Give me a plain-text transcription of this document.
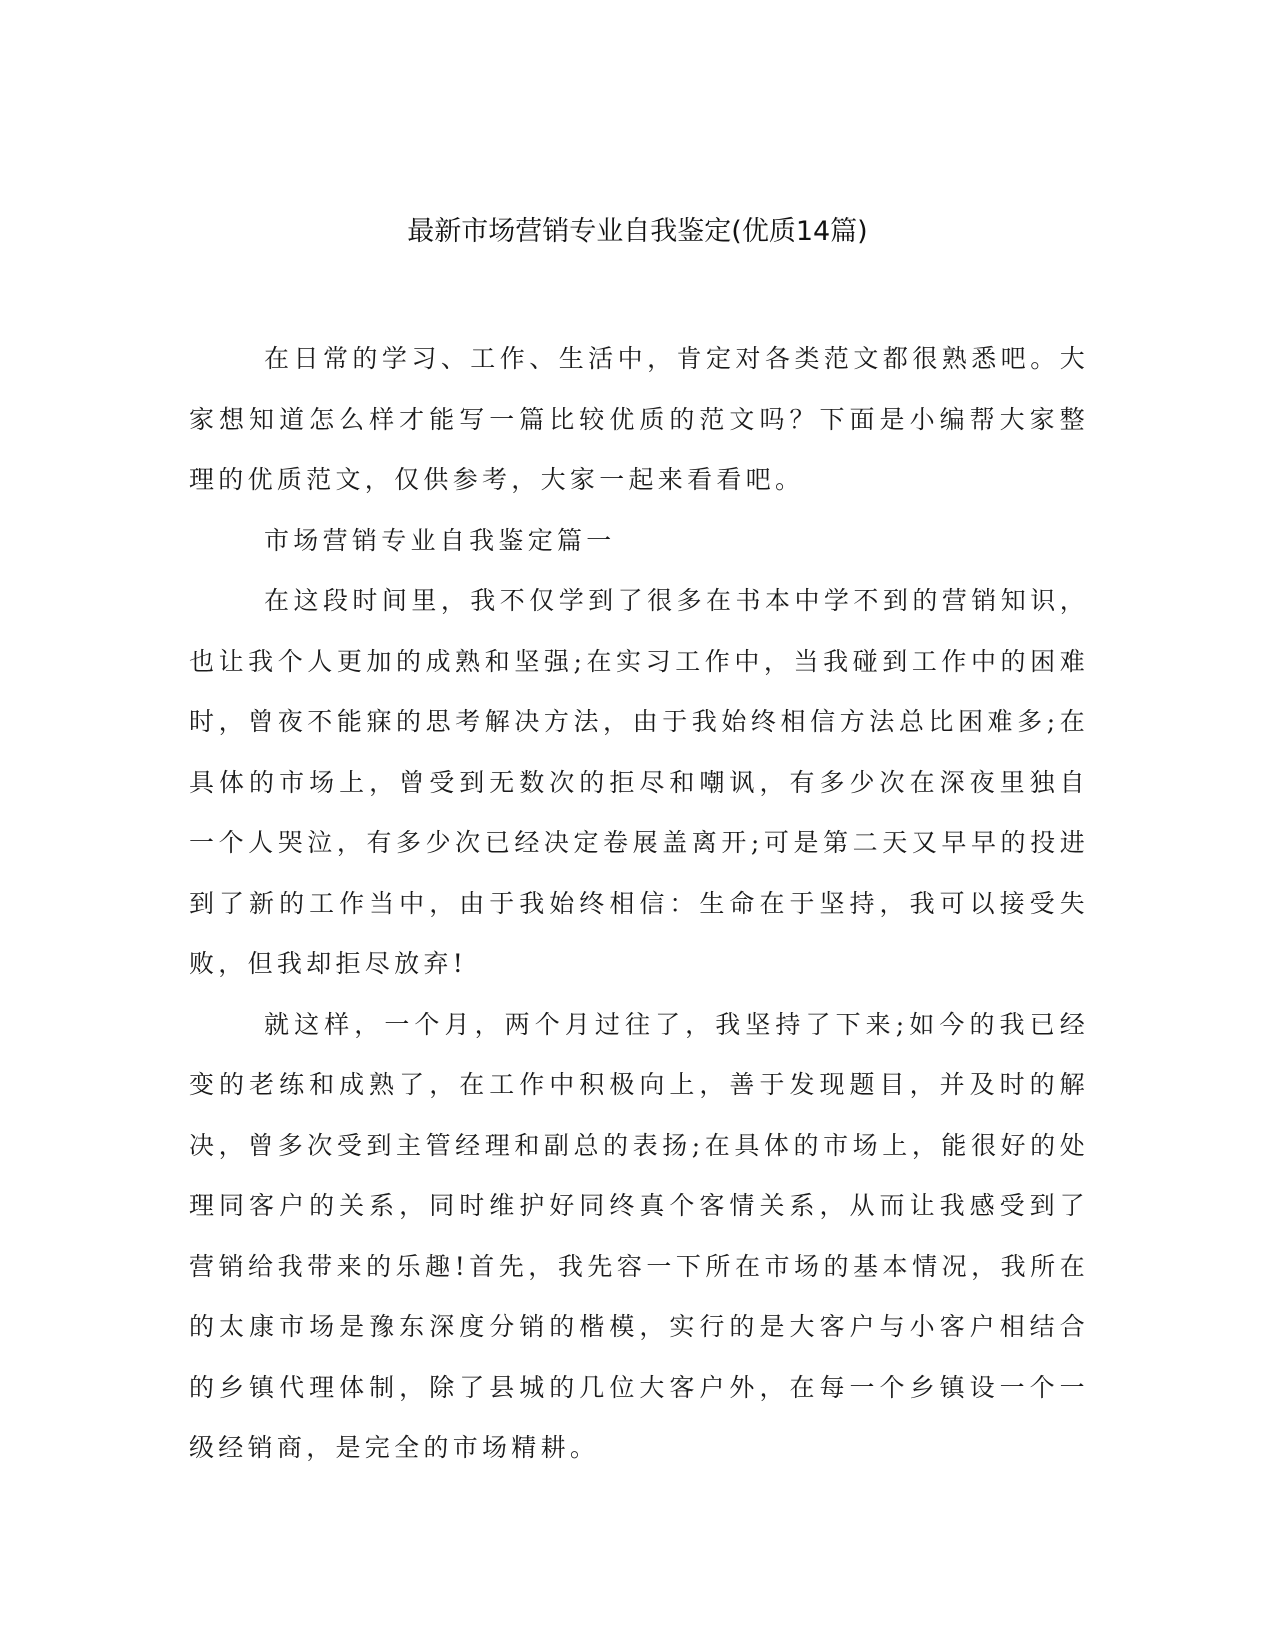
最新市场营销专业自我鉴定(优质14篇)

在日常的学习、工作、生活中，肯定对各类范文都很熟悉吧。大家想知道怎么样才能写一篇比较优质的范文吗？下面是小编帮大家整理的优质范文，仅供参考，大家一起来看看吧。

市场营销专业自我鉴定篇一

在这段时间里，我不仅学到了很多在书本中学不到的营销知识，也让我个人更加的成熟和坚强;在实习工作中，当我碰到工作中的困难时，曾夜不能寐的思考解决方法，由于我始终相信方法总比困难多;在具体的市场上，曾受到无数次的拒尽和嘲讽，有多少次在深夜里独自一个人哭泣，有多少次已经决定卷展盖离开;可是第二天又早早的投进到了新的工作当中，由于我始终相信：生命在于坚持，我可以接受失败，但我却拒尽放弃!

就这样，一个月，两个月过往了，我坚持了下来;如今的我已经变的老练和成熟了，在工作中积极向上，善于发现题目，并及时的解决，曾多次受到主管经理和副总的表扬;在具体的市场上，能很好的处理同客户的关系，同时维护好同终真个客情关系，从而让我感受到了营销给我带来的乐趣!首先，我先容一下所在市场的基本情况，我所在的太康市场是豫东深度分销的楷模，实行的是大客户与小客户相结合的乡镇代理体制，除了县城的几位大客户外，在每一个乡镇设一个一级经销商，是完全的市场精耕。
